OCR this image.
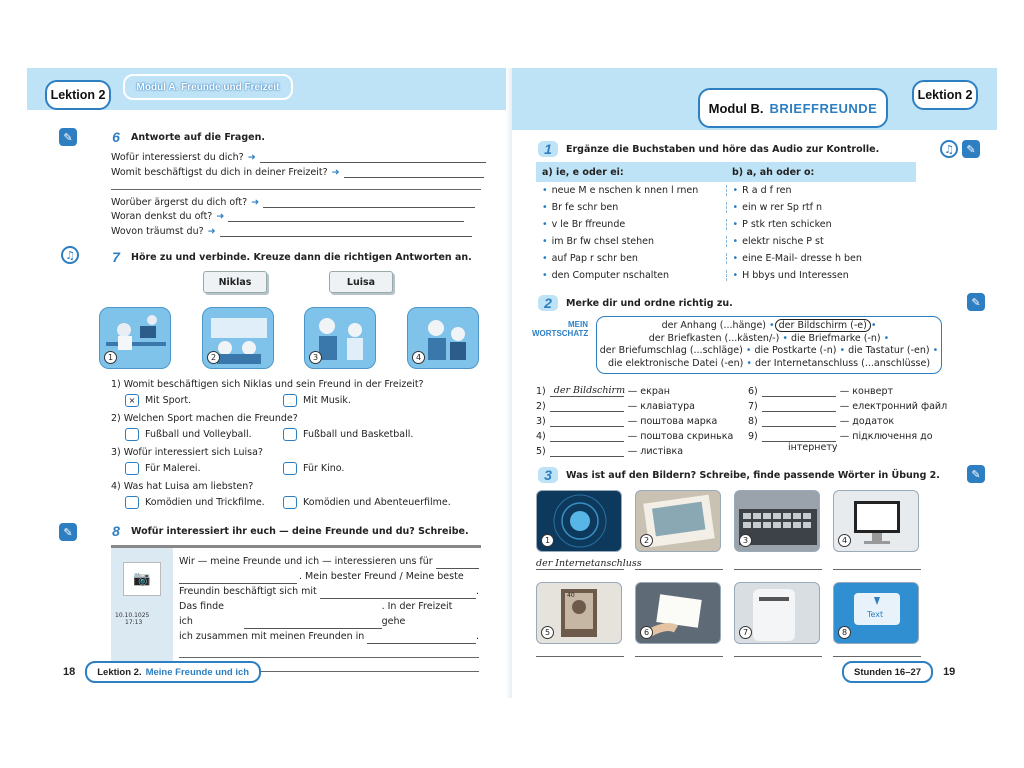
Lektion 2
Modul A. Freunde und Freizeit
✎	6	Antworte auf die Fragen.
Wofür interessierst du dich? ➜
Womit beschäftigst du dich in deiner Freizeit? ➜
Worüber ärgerst du dich oft? ➜
Woran denkst du oft? ➜
Wovon träumst du? ➜
♫	7	Höre zu und verbinde. Kreuze dann die richtigen Antworten an.
Niklas	Luisa
1	2	3	4
1) Womit beschäftigen sich Niklas und sein Freund in der Freizeit?
×	Mit Sport.	Mit Musik.
2) Welchen Sport machen die Freunde?
Fußball und Volleyball.	Fußball und Basketball.
3) Wofür interessiert sich Luisa?
Für Malerei.	Für Kino.
4) Was hat Luisa am liebsten?
Komödien und Trickfilme.	Komödien und Abenteuerfilme.
✎	8	Wofür interessiert ihr euch — deine Freunde und du? Schreibe.
📷
10.10.1025 17:13
Wir — meine Freunde und ich — interessieren uns für
. Mein bester Freund / Meine beste
Freundin beschäftigt sich mit	.
Das finde ich
. In der Freizeit gehe
ich zusammen mit meinen Freunden in	.
18 Lektion 2. Meine Freunde und ich
Modul B. BRIEFFREUNDE
Lektion 2
1	Ergänze die Buchstaben und höre das Audio zur Kontrolle.	♫	✎
a) ie, e oder ei:	b) a, ah oder o:
• neue M e nschen k nnen l rnen	• R a d f ren
• Br fe schr ben	• ein w rer Sp rtf n
• v le Br ffreunde	• P stk rten schicken
• im Br fw chsel stehen	• elektr nische P st
• auf Pap r schr ben	• eine E-Mail- dresse h ben
• den Computer nschalten	• H bbys und Interessen
2	Merke dir und ordne richtig zu.	✎
MEIN WORTSCHATZ
der Anhang (...hänge) • der Bildschirm (-e) •
der Briefkasten (...kästen/-) • die Briefmarke (-n) •
der Briefumschlag (...schläge) • die Postkarte (-n) • die Tastatur (-en) •
die elektronische Datei (-en) • der Internetanschluss (...anschlüsse)
1) der Bildschirm — екран
2)	— клавіатура
3)	— поштова марка
4)	— поштова скринька
5)	— листівка
6)	— конверт
7)	— електронний файл
8)	— додаток
9)	— підключення до
інтернету
3	Was ist auf den Bildern? Schreibe, finde passende Wörter in Übung 2.	✎
1	2	3	4
der Internetanschluss
40
5	6	7
Text
8
Stunden 16–27 19
